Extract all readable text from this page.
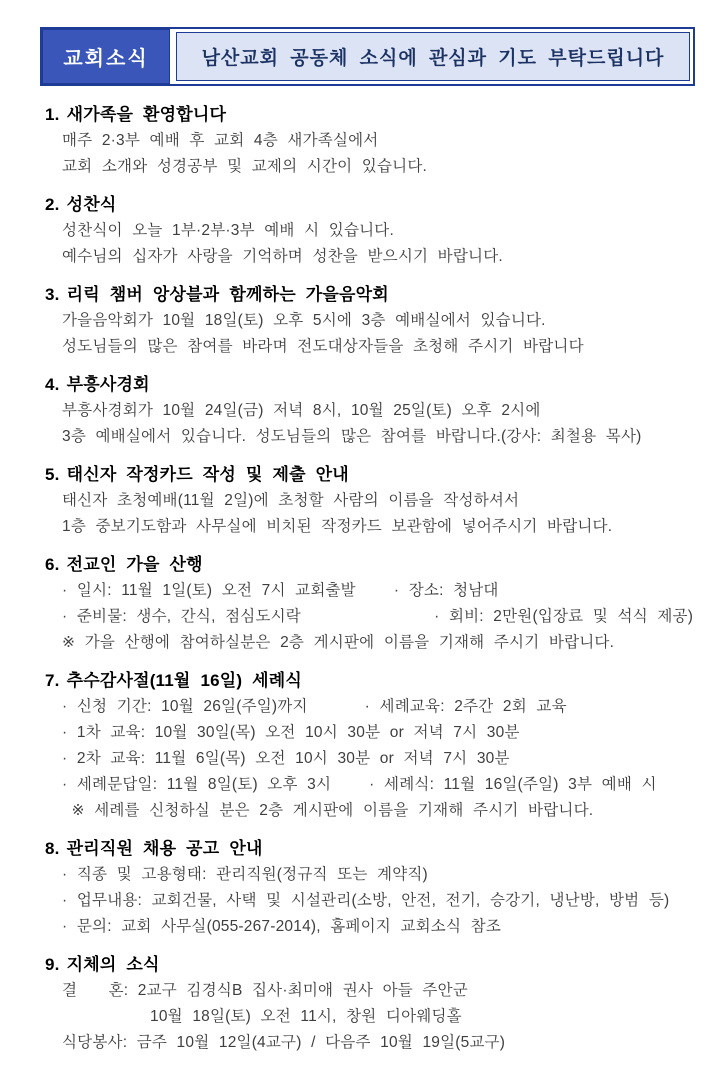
교회소식	남산교회 공동체 소식에 관심과 기도 부탁드립니다
1. 새가족을 환영합니다
매주 2·3부 예배 후 교회 4층 새가족실에서
교회 소개와 성경공부 및 교제의 시간이 있습니다.
2. 성찬식
성찬식이 오늘 1부·2부·3부 예배 시 있습니다.
예수님의 십자가 사랑을 기억하며 성찬을 받으시기 바랍니다.
3. 리릭 챔버 앙상블과 함께하는 가을음악회
가을음악회가 10월 18일(토) 오후 5시에 3층 예배실에서 있습니다.
성도님들의 많은 참여를 바라며 전도대상자들을 초청해 주시기 바랍니다
4. 부흥사경회
부흥사경회가 10월 24일(금) 저녁 8시, 10월 25일(토) 오후 2시에
3층 예배실에서 있습니다. 성도님들의 많은 참여를 바랍니다.(강사: 최철용 목사)
5. 태신자 작정카드 작성 및 제출 안내
태신자 초청예배(11월 2일)에 초청할 사람의 이름을 작성하셔서
1층 중보기도함과 사무실에 비치된 작정카드 보관함에 넣어주시기 바랍니다.
6. 전교인 가을 산행
· 일시: 11월 1일(토) 오전 7시 교회출발    · 장소: 청남대
· 준비물: 생수, 간식, 점심도시락              · 회비: 2만원(입장료 및 석식 제공)
※ 가을 산행에 참여하실분은 2층 게시판에 이름을 기재해 주시기 바랍니다.
7. 추수감사절(11월 16일) 세례식
· 신청 기간: 10월 26일(주일)까지      · 세례교육: 2주간 2회 교육
· 1차 교육: 10월 30일(목) 오전 10시 30분 or 저녁 7시 30분
· 2차 교육: 11월 6일(목) 오전 10시 30분 or 저녁 7시 30분
· 세례문답일: 11월 8일(토) 오후 3시    · 세례식: 11월 16일(주일) 3부 예배 시
※ 세례를 신청하실 분은 2층 게시판에 이름을 기재해 주시기 바랍니다.
8. 관리직원 채용 공고 안내
· 직종 및 고용형태: 관리직원(정규직 또는 계약직)
· 업무내용: 교회건물, 사택 및 시설관리(소방, 안전, 전기, 승강기, 냉난방, 방범 등)
· 문의: 교회 사무실(055-267-2014), 홈페이지 교회소식 참조
9. 지체의 소식
결　　혼: 2교구 김경식B 집사·최미애 권사 아들 주안군
　　　　　 10월 18일(토) 오전 11시, 창원 디아웨딩홀
식당봉사: 금주 10월 12일(4교구) / 다음주 10월 19일(5교구)
